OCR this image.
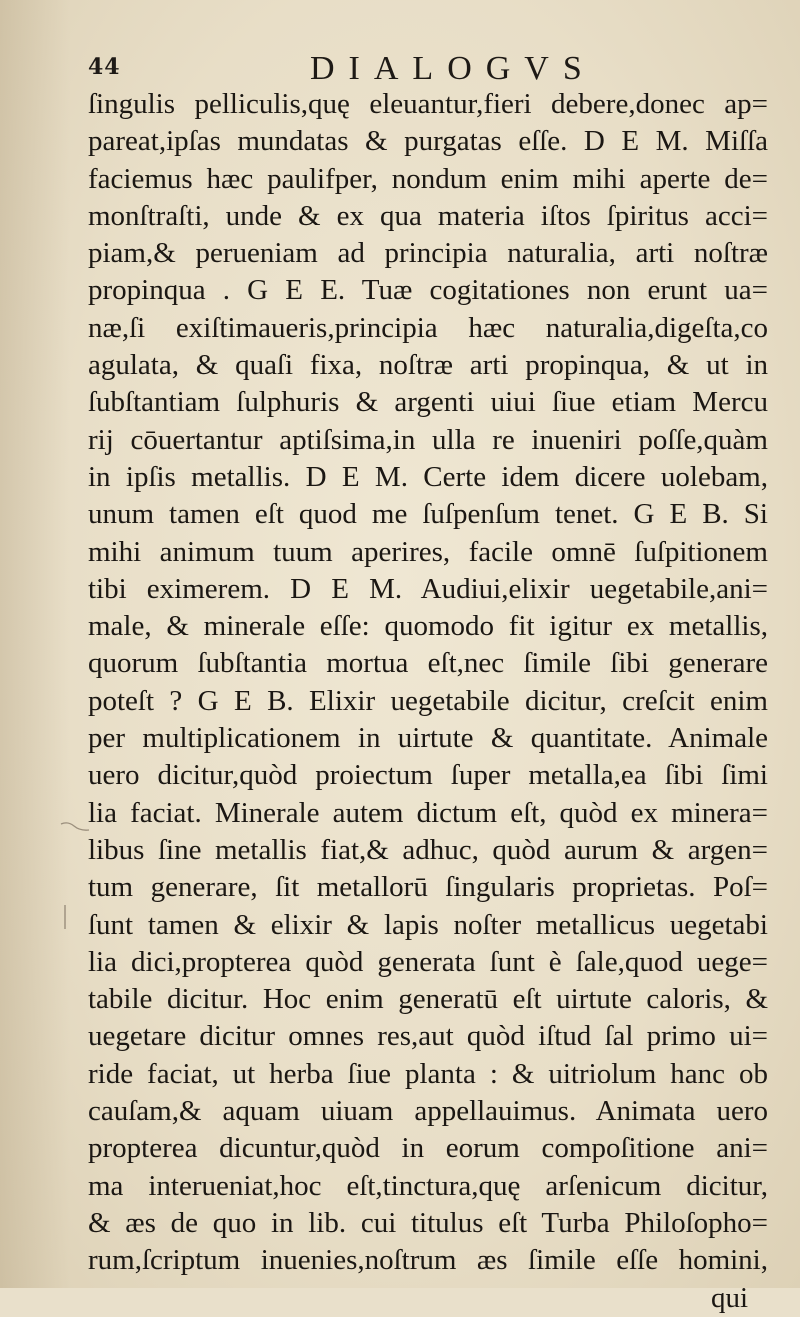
44	DIALOGVS
ſingulis pelliculis,quę eleuantur,fieri debere,donec ap=
pareat,ipſas mundatas & purgatas eſſe. D E M. Miſſa
faciemus hæc paulifper, nondum enim mihi aperte de=
monſtraſti, unde & ex qua materia iſtos ſpiritus acci=
piam,& perueniam ad principia naturalia, arti noſtræ
propinqua . G E E. Tuæ cogitationes non erunt ua=
næ,ſi exiſtimaueris,principia hæc naturalia,digeſta,co
agulata, & quaſi fixa, noſtræ arti propinqua, & ut in
ſubſtantiam ſulphuris & argenti uiui ſiue etiam Mercu
rij cōuertantur aptiſsima,in ulla re inueniri poſſe,quàm
in ipſis metallis. D E M. Certe idem dicere uolebam,
unum tamen eſt quod me ſuſpenſum tenet. G E B. Si
mihi animum tuum aperires, facile omnē ſuſpitionem
tibi eximerem. D E M. Audiui,elixir uegetabile,ani=
male, & minerale eſſe: quomodo fit igitur ex metallis,
quorum ſubſtantia mortua eſt,nec ſimile ſibi generare
poteſt ? G E B. Elixir uegetabile dicitur, creſcit enim
per multiplicationem in uirtute & quantitate. Animale
uero dicitur,quòd proiectum ſuper metalla,ea ſibi ſimi
lia faciat. Minerale autem dictum eſt, quòd ex minera=
libus ſine metallis fiat,& adhuc, quòd aurum & argen=
tum generare, ſit metallorū ſingularis proprietas. Poſ=
ſunt tamen & elixir & lapis noſter metallicus uegetabi
lia dici,propterea quòd generata ſunt è ſale,quod uege=
tabile dicitur. Hoc enim generatū eſt uirtute caloris, &
uegetare dicitur omnes res,aut quòd iſtud ſal primo ui=
ride faciat, ut herba ſiue planta : & uitriolum hanc ob
cauſam,& aquam uiuam appellauimus. Animata uero
propterea dicuntur,quòd in eorum compoſitione ani=
ma interueniat,hoc eſt,tinctura,quę arſenicum dicitur,
& æs de quo in lib. cui titulus eſt Turba Philoſopho=
rum,ſcriptum inuenies,noſtrum æs ſimile eſſe homini,
qui
